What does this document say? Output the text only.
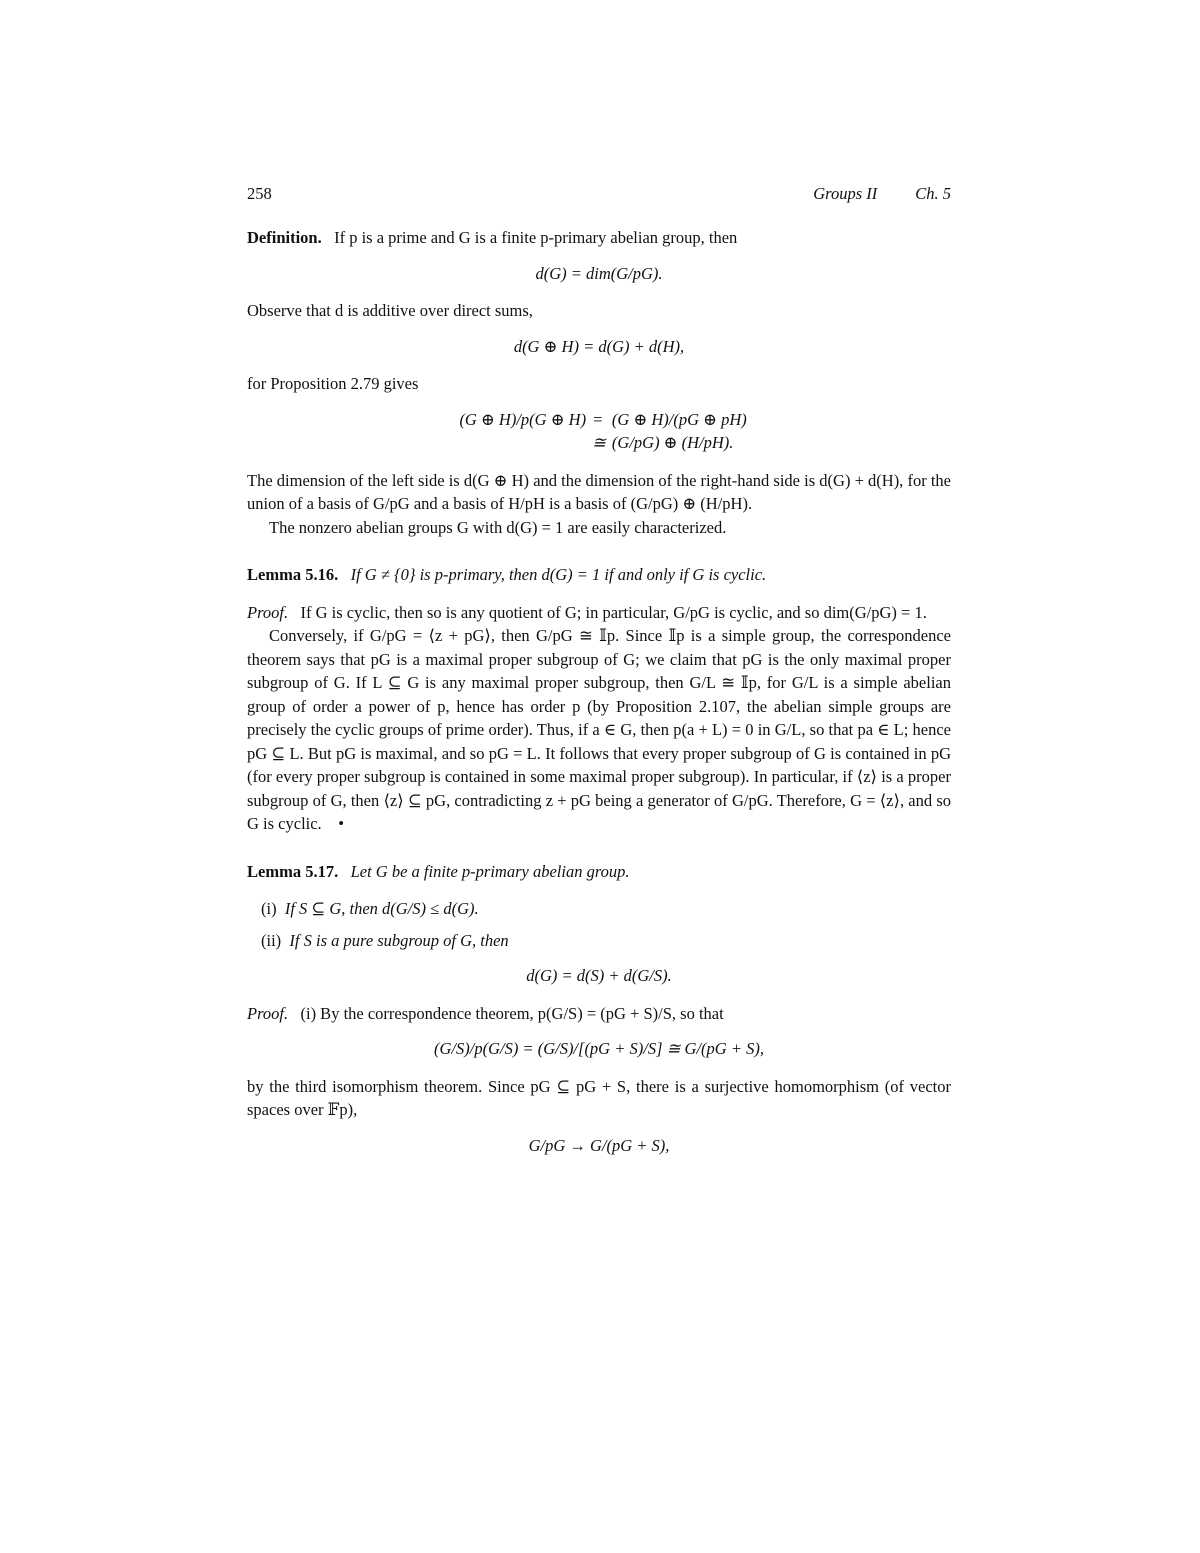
258	Groups II Ch. 5

Definition. If p is a prime and G is a finite p-primary abelian group, then

d(G) = dim(G/pG).

Observe that d is additive over direct sums,

d(G ⊕ H) = d(G) + d(H),

for Proposition 2.79 gives

(G ⊕ H)/p(G ⊕ H) = (G ⊕ H)/(pG ⊕ pH)
≅ (G/pG) ⊕ (H/pH).

The dimension of the left side is d(G ⊕ H) and the dimension of the right-hand side is d(G) + d(H), for the union of a basis of G/pG and a basis of H/pH is a basis of (G/pG) ⊕ (H/pH).

The nonzero abelian groups G with d(G) = 1 are easily characterized.

Lemma 5.16. If G ≠ {0} is p-primary, then d(G) = 1 if and only if G is cyclic.

Proof. If G is cyclic, then so is any quotient of G; in particular, G/pG is cyclic, and so dim(G/pG) = 1.

Conversely, if G/pG = ⟨z + pG⟩, then G/pG ≅ 𝕀p. Since 𝕀p is a simple group, the correspondence theorem says that pG is a maximal proper subgroup of G; we claim that pG is the only maximal proper subgroup of G. If L ⊆ G is any maximal proper subgroup, then G/L ≅ 𝕀p, for G/L is a simple abelian group of order a power of p, hence has order p (by Proposition 2.107, the abelian simple groups are precisely the cyclic groups of prime order). Thus, if a ∈ G, then p(a + L) = 0 in G/L, so that pa ∈ L; hence pG ⊆ L. But pG is maximal, and so pG = L. It follows that every proper subgroup of G is contained in pG (for every proper subgroup is contained in some maximal proper subgroup). In particular, if ⟨z⟩ is a proper subgroup of G, then ⟨z⟩ ⊆ pG, contradicting z + pG being a generator of G/pG. Therefore, G = ⟨z⟩, and so G is cyclic. •

Lemma 5.17. Let G be a finite p-primary abelian group.

(i) If S ⊆ G, then d(G/S) ≤ d(G).

(ii) If S is a pure subgroup of G, then

d(G) = d(S) + d(G/S).

Proof. (i) By the correspondence theorem, p(G/S) = (pG + S)/S, so that

(G/S)/p(G/S) = (G/S)/[(pG + S)/S] ≅ G/(pG + S),

by the third isomorphism theorem. Since pG ⊆ pG + S, there is a surjective homomorphism (of vector spaces over 𝔽p),

G/pG → G/(pG + S),
